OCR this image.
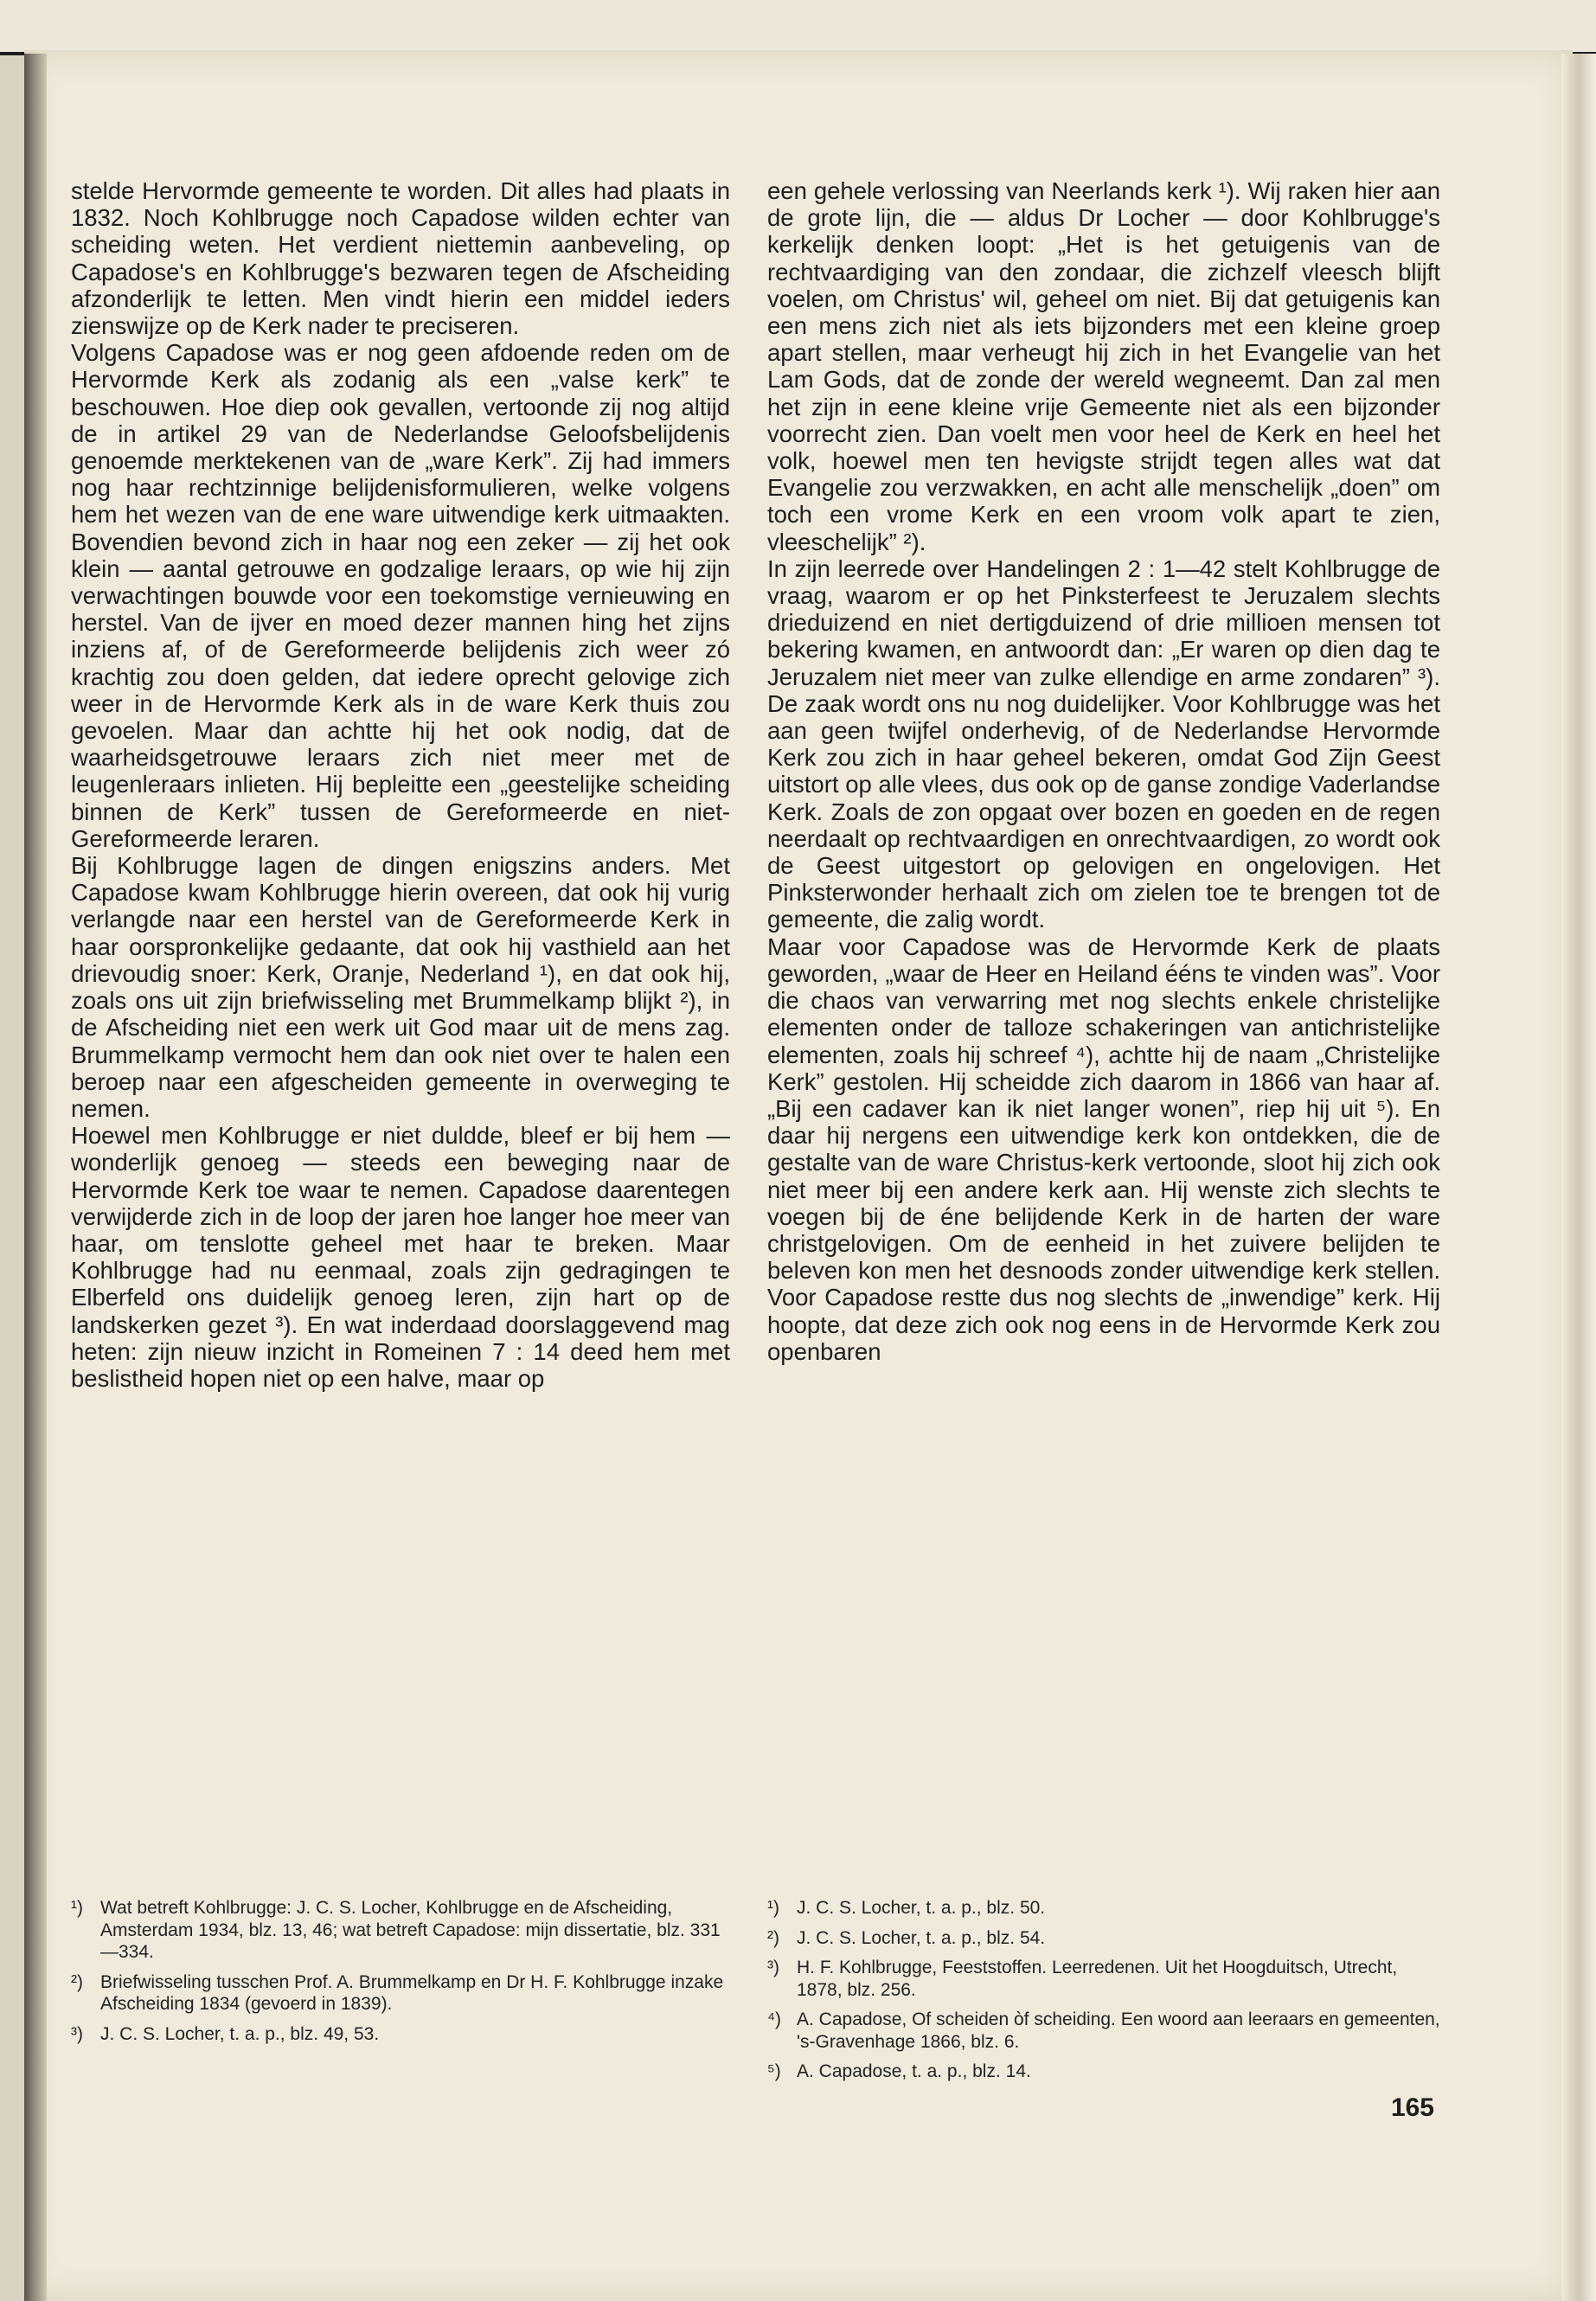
stelde Hervormde gemeente te worden. Dit alles had plaats in 1832. Noch Kohlbrugge noch Capadose wilden echter van scheiding weten. Het verdient niettemin aanbeveling, op Capadose's en Kohlbrugge's bezwaren tegen de Afscheiding afzonderlijk te letten. Men vindt hierin een middel ieders zienswijze op de Kerk nader te preciseren.

Volgens Capadose was er nog geen afdoende reden om de Hervormde Kerk als zodanig als een „valse kerk” te beschouwen. Hoe diep ook gevallen, vertoonde zij nog altijd de in artikel 29 van de Nederlandse Geloofsbelijdenis genoemde merktekenen van de „ware Kerk”. Zij had immers nog haar rechtzinnige belijdenisformulieren, welke volgens hem het wezen van de ene ware uitwendige kerk uitmaakten. Bovendien bevond zich in haar nog een zeker — zij het ook klein — aantal getrouwe en godzalige leraars, op wie hij zijn verwachtingen bouwde voor een toekomstige vernieuwing en herstel. Van de ijver en moed dezer mannen hing het zijns inziens af, of de Gereformeerde belijdenis zich weer zó krachtig zou doen gelden, dat iedere oprecht gelovige zich weer in de Hervormde Kerk als in de ware Kerk thuis zou gevoelen. Maar dan achtte hij het ook nodig, dat de waarheidsgetrouwe leraars zich niet meer met de leugenleraars inlieten. Hij bepleitte een „geestelijke scheiding binnen de Kerk” tussen de Gereformeerde en niet-Gereformeerde leraren.

Bij Kohlbrugge lagen de dingen enigszins anders. Met Capadose kwam Kohlbrugge hierin overeen, dat ook hij vurig verlangde naar een herstel van de Gereformeerde Kerk in haar oorspronkelijke gedaante, dat ook hij vasthield aan het drievoudig snoer: Kerk, Oranje, Nederland ¹), en dat ook hij, zoals ons uit zijn briefwisseling met Brummelkamp blijkt ²), in de Afscheiding niet een werk uit God maar uit de mens zag. Brummelkamp vermocht hem dan ook niet over te halen een beroep naar een afgescheiden gemeente in overweging te nemen.

Hoewel men Kohlbrugge er niet duldde, bleef er bij hem — wonderlijk genoeg — steeds een beweging naar de Hervormde Kerk toe waar te nemen. Capadose daarentegen verwijderde zich in de loop der jaren hoe langer hoe meer van haar, om tenslotte geheel met haar te breken. Maar Kohlbrugge had nu eenmaal, zoals zijn gedragingen te Elberfeld ons duidelijk genoeg leren, zijn hart op de landskerken gezet ³). En wat inderdaad doorslaggevend mag heten: zijn nieuw inzicht in Romeinen 7 : 14 deed hem met beslistheid hopen niet op een halve, maar op

een gehele verlossing van Neerlands kerk ¹). Wij raken hier aan de grote lijn, die — aldus Dr Locher — door Kohlbrugge's kerkelijk denken loopt: „Het is het getuigenis van de rechtvaardiging van den zondaar, die zichzelf vleesch blijft voelen, om Christus' wil, geheel om niet. Bij dat getuigenis kan een mens zich niet als iets bijzonders met een kleine groep apart stellen, maar verheugt hij zich in het Evangelie van het Lam Gods, dat de zonde der wereld wegneemt. Dan zal men het zijn in eene kleine vrije Gemeente niet als een bijzonder voorrecht zien. Dan voelt men voor heel de Kerk en heel het volk, hoewel men ten hevigste strijdt tegen alles wat dat Evangelie zou verzwakken, en acht alle menschelijk „doen” om toch een vrome Kerk en een vroom volk apart te zien, vleeschelijk” ²).

In zijn leerrede over Handelingen 2 : 1—42 stelt Kohlbrugge de vraag, waarom er op het Pinksterfeest te Jeruzalem slechts drieduizend en niet dertigduizend of drie millioen mensen tot bekering kwamen, en antwoordt dan: „Er waren op dien dag te Jeruzalem niet meer van zulke ellendige en arme zondaren” ³). De zaak wordt ons nu nog duidelijker. Voor Kohlbrugge was het aan geen twijfel onderhevig, of de Nederlandse Hervormde Kerk zou zich in haar geheel bekeren, omdat God Zijn Geest uitstort op alle vlees, dus ook op de ganse zondige Vaderlandse Kerk. Zoals de zon opgaat over bozen en goeden en de regen neerdaalt op rechtvaardigen en onrechtvaardigen, zo wordt ook de Geest uitgestort op gelovigen en ongelovigen. Het Pinksterwonder herhaalt zich om zielen toe te brengen tot de gemeente, die zalig wordt.

Maar voor Capadose was de Hervormde Kerk de plaats geworden, „waar de Heer en Heiland ééns te vinden was”. Voor die chaos van verwarring met nog slechts enkele christelijke elementen onder de talloze schakeringen van antichristelijke elementen, zoals hij schreef ⁴), achtte hij de naam „Christelijke Kerk” gestolen. Hij scheidde zich daarom in 1866 van haar af. „Bij een cadaver kan ik niet langer wonen”, riep hij uit ⁵). En daar hij nergens een uitwendige kerk kon ontdekken, die de gestalte van de ware Christus-kerk vertoonde, sloot hij zich ook niet meer bij een andere kerk aan. Hij wenste zich slechts te voegen bij de éne belijdende Kerk in de harten der ware christgelovigen. Om de eenheid in het zuivere belijden te beleven kon men het desnoods zonder uitwendige kerk stellen. Voor Capadose restte dus nog slechts de „inwendige” kerk. Hij hoopte, dat deze zich ook nog eens in de Hervormde Kerk zou openbaren

¹) Wat betreft Kohlbrugge: J. C. S. Locher, Kohlbrugge en de Afscheiding, Amsterdam 1934, blz. 13, 46; wat betreft Capadose: mijn dissertatie, blz. 331—334.
²) Briefwisseling tusschen Prof. A. Brummelkamp en Dr H. F. Kohlbrugge inzake Afscheiding 1834 (gevoerd in 1839).
³) J. C. S. Locher, t. a. p., blz. 49, 53.
¹) J. C. S. Locher, t. a. p., blz. 50.
²) J. C. S. Locher, t. a. p., blz. 54.
³) H. F. Kohlbrugge, Feeststoffen. Leerredenen. Uit het Hoogduitsch, Utrecht, 1878, blz. 256.
⁴) A. Capadose, Of scheiden òf scheiding. Een woord aan leeraars en gemeenten, 's-Gravenhage 1866, blz. 6.
⁵) A. Capadose, t. a. p., blz. 14.
165
